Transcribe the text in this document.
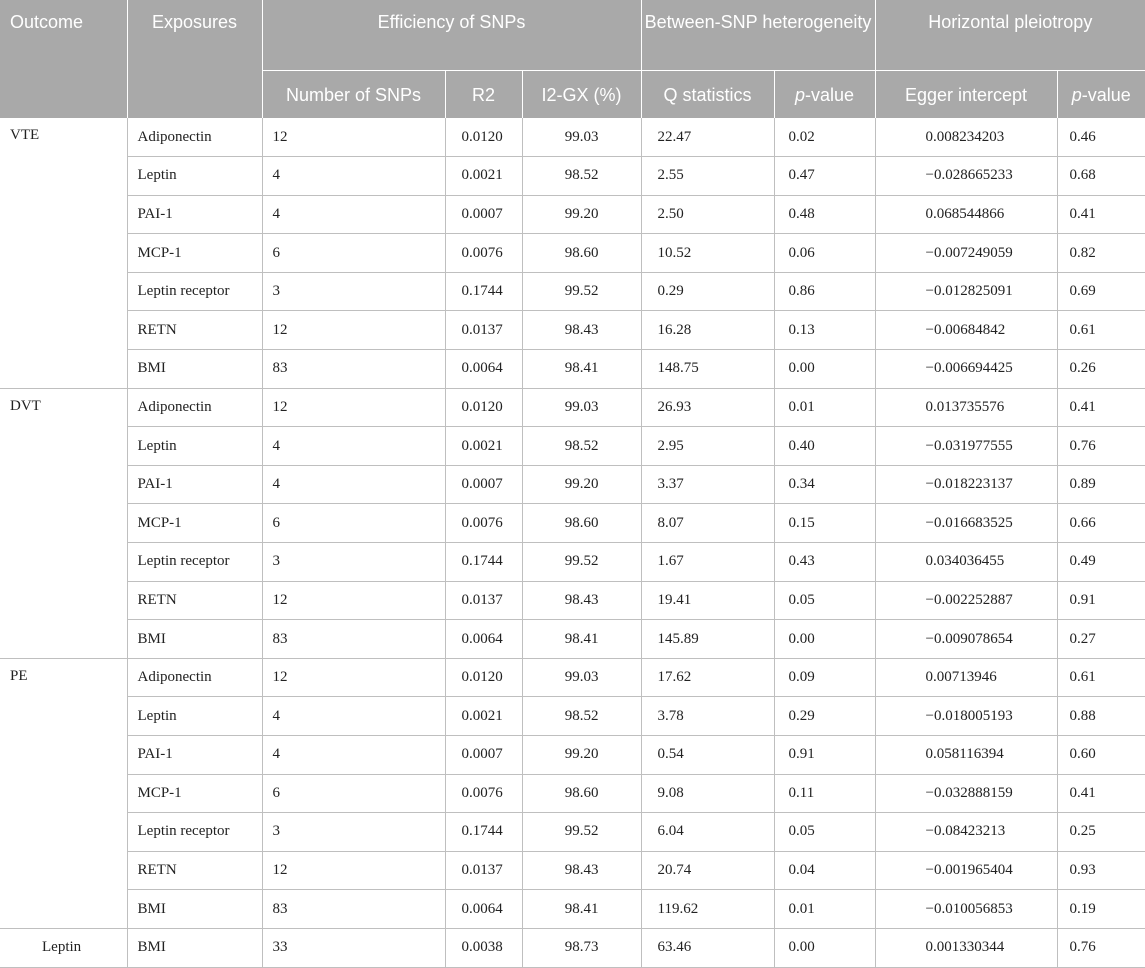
Outcome	Exposures	Efficiency of SNPs			Between-SNP heterogeneity		Horizontal pleiotropy	
		Number of SNPs	R2	I2-GX (%)	Q statistics	p-value	Egger intercept	p-value
VTE	Adiponectin	12	0.0120	99.03	22.47	0.02	0.008234203	0.46
	Leptin	4	0.0021	98.52	2.55	0.47	−0.028665233	0.68
	PAI-1	4	0.0007	99.20	2.50	0.48	0.068544866	0.41
	MCP-1	6	0.0076	98.60	10.52	0.06	−0.007249059	0.82
	Leptin receptor	3	0.1744	99.52	0.29	0.86	−0.012825091	0.69
	RETN	12	0.0137	98.43	16.28	0.13	−0.00684842	0.61
	BMI	83	0.0064	98.41	148.75	0.00	−0.006694425	0.26
DVT	Adiponectin	12	0.0120	99.03	26.93	0.01	0.013735576	0.41
	Leptin	4	0.0021	98.52	2.95	0.40	−0.031977555	0.76
	PAI-1	4	0.0007	99.20	3.37	0.34	−0.018223137	0.89
	MCP-1	6	0.0076	98.60	8.07	0.15	−0.016683525	0.66
	Leptin receptor	3	0.1744	99.52	1.67	0.43	0.034036455	0.49
	RETN	12	0.0137	98.43	19.41	0.05	−0.002252887	0.91
	BMI	83	0.0064	98.41	145.89	0.00	−0.009078654	0.27
PE	Adiponectin	12	0.0120	99.03	17.62	0.09	0.00713946	0.61
	Leptin	4	0.0021	98.52	3.78	0.29	−0.018005193	0.88
	PAI-1	4	0.0007	99.20	0.54	0.91	0.058116394	0.60
	MCP-1	6	0.0076	98.60	9.08	0.11	−0.032888159	0.41
	Leptin receptor	3	0.1744	99.52	6.04	0.05	−0.08423213	0.25
	RETN	12	0.0137	98.43	20.74	0.04	−0.001965404	0.93
	BMI	83	0.0064	98.41	119.62	0.01	−0.010056853	0.19
Leptin	BMI	33	0.0038	98.73	63.46	0.00	0.001330344	0.76
